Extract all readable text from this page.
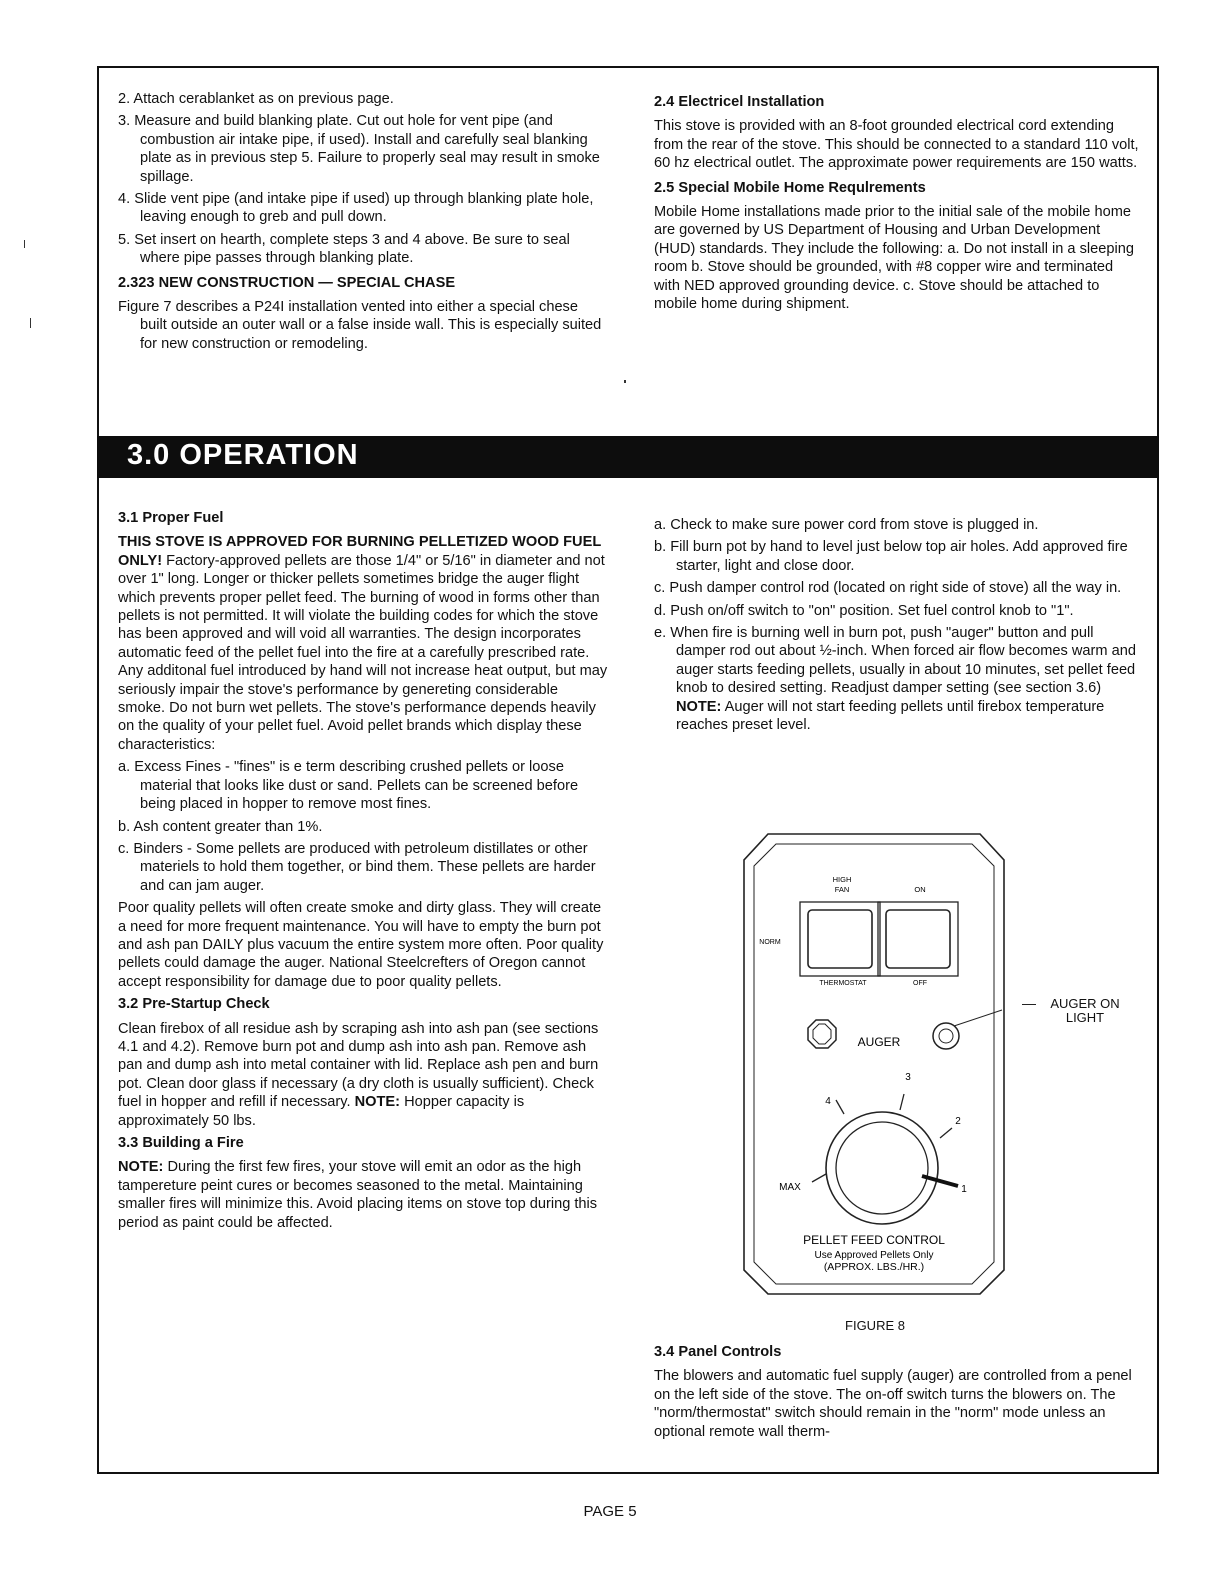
3.0 OPERATION

2. Attach cerablanket as on previous page.

3. Measure and build blanking plate. Cut out hole for vent pipe (and combustion air intake pipe, if used). Install and carefully seal blanking plate as in previous step 5. Failure to properly seal may result in smoke spillage.

4. Slide vent pipe (and intake pipe if used) up through blanking plate hole, leaving enough to greb and pull down.

5. Set insert on hearth, complete steps 3 and 4 above. Be sure to seal where pipe passes through blanking plate.

2.323 NEW CONSTRUCTION — SPECIAL CHASE

Figure 7 describes a P24I installation vented into either a special chese built outside an outer wall or a false inside wall. This is especially suited for new construction or remodeling.

2.4 Electricel Installation

This stove is provided with an 8-foot grounded electrical cord extending from the rear of the stove. This should be connected to a standard 110 volt, 60 hz electrical outlet. The approximate power requirements are 150 watts.

2.5 Special Mobile Home Requlrements

Mobile Home installations made prior to the initial sale of the mobile home are governed by US Department of Housing and Urban Development (HUD) standards. They include the following: a. Do not install in a sleeping room b. Stove should be grounded, with #8 copper wire and terminated with NED approved grounding device. c. Stove should be attached to mobile home during shipment.

3.1 Proper Fuel

THIS STOVE IS APPROVED FOR BURNING PELLETIZED WOOD FUEL ONLY! Factory-approved pellets are those 1/4" or 5/16" in diameter and not over 1" long. Longer or thicker pellets sometimes bridge the auger flight which prevents proper pellet feed. The burning of wood in forms other than pellets is not permitted. It will violate the building codes for which the stove has been approved and will void all warranties. The design incorporates automatic feed of the pellet fuel into the fire at a carefully prescribed rate. Any additonal fuel introduced by hand will not increase heat output, but may seriously impair the stove's performance by genereting considerable smoke. Do not burn wet pellets. The stove's performance depends heavily on the quality of your pellet fuel. Avoid pellet brands which display these characteristics:

a. Excess Fines - "fines" is e term describing crushed pellets or loose material that looks like dust or sand. Pellets can be screened before being placed in hopper to remove most fines.

b. Ash content greater than 1%.

c. Binders - Some pellets are produced with petroleum distillates or other materiels to hold them together, or bind them. These pellets are harder and can jam auger.

Poor quality pellets will often create smoke and dirty glass. They will create a need for more frequent maintenance. You will have to empty the burn pot and ash pan DAILY plus vacuum the entire system more often. Poor quality pellets could damage the auger. National Steelcrefters of Oregon cannot accept responsibility for damage due to poor quality pellets.

3.2 Pre-Startup Check

Clean firebox of all residue ash by scraping ash into ash pan (see sections 4.1 and 4.2). Remove burn pot and dump ash into ash pan. Remove ash pan and dump ash into metal container with lid. Replace ash pen and burn pot. Clean door glass if necessary (a dry cloth is usually sufficient). Check fuel in hopper and refill if necessary. NOTE: Hopper capacity is approximately 50 lbs.

3.3 Building a Fire

NOTE: During the first few fires, your stove will emit an odor as the high tampereture peint cures or becomes seasoned to the metal. Maintaining smaller fires will minimize this. Avoid placing items on stove top during this period as paint could be affected.

a. Check to make sure power cord from stove is plugged in.

b. Fill burn pot by hand to level just below top air holes. Add approved fire starter, light and close door.

c. Push damper control rod (located on right side of stove) all the way in.

d. Push on/off switch to "on" position. Set fuel control knob to "1".

e. When fire is burning well in burn pot, push "auger" button and pull damper rod out about ½-inch. When forced air flow becomes warm and auger starts feeding pellets, usually in about 10 minutes, set pellet feed knob to desired setting. Readjust damper setting (see section 3.6) NOTE: Auger will not start feeding pellets until firebox temperature reaches preset level.

HIGH
FAN	ON
NORM
THERMOSTAT	OFF
AUGER
4
3
2
1
MAX
PELLET FEED CONTROL
Use Approved Pellets Only
(APPROX. LBS./HR.)
AUGER ON LIGHT
FIGURE 8
3.4 Panel Controls

The blowers and automatic fuel supply (auger) are controlled from a penel on the left side of the stove. The on-off switch turns the blowers on. The "norm/thermostat" switch should remain in the "norm" mode unless an optional remote wall therm-

PAGE 5
